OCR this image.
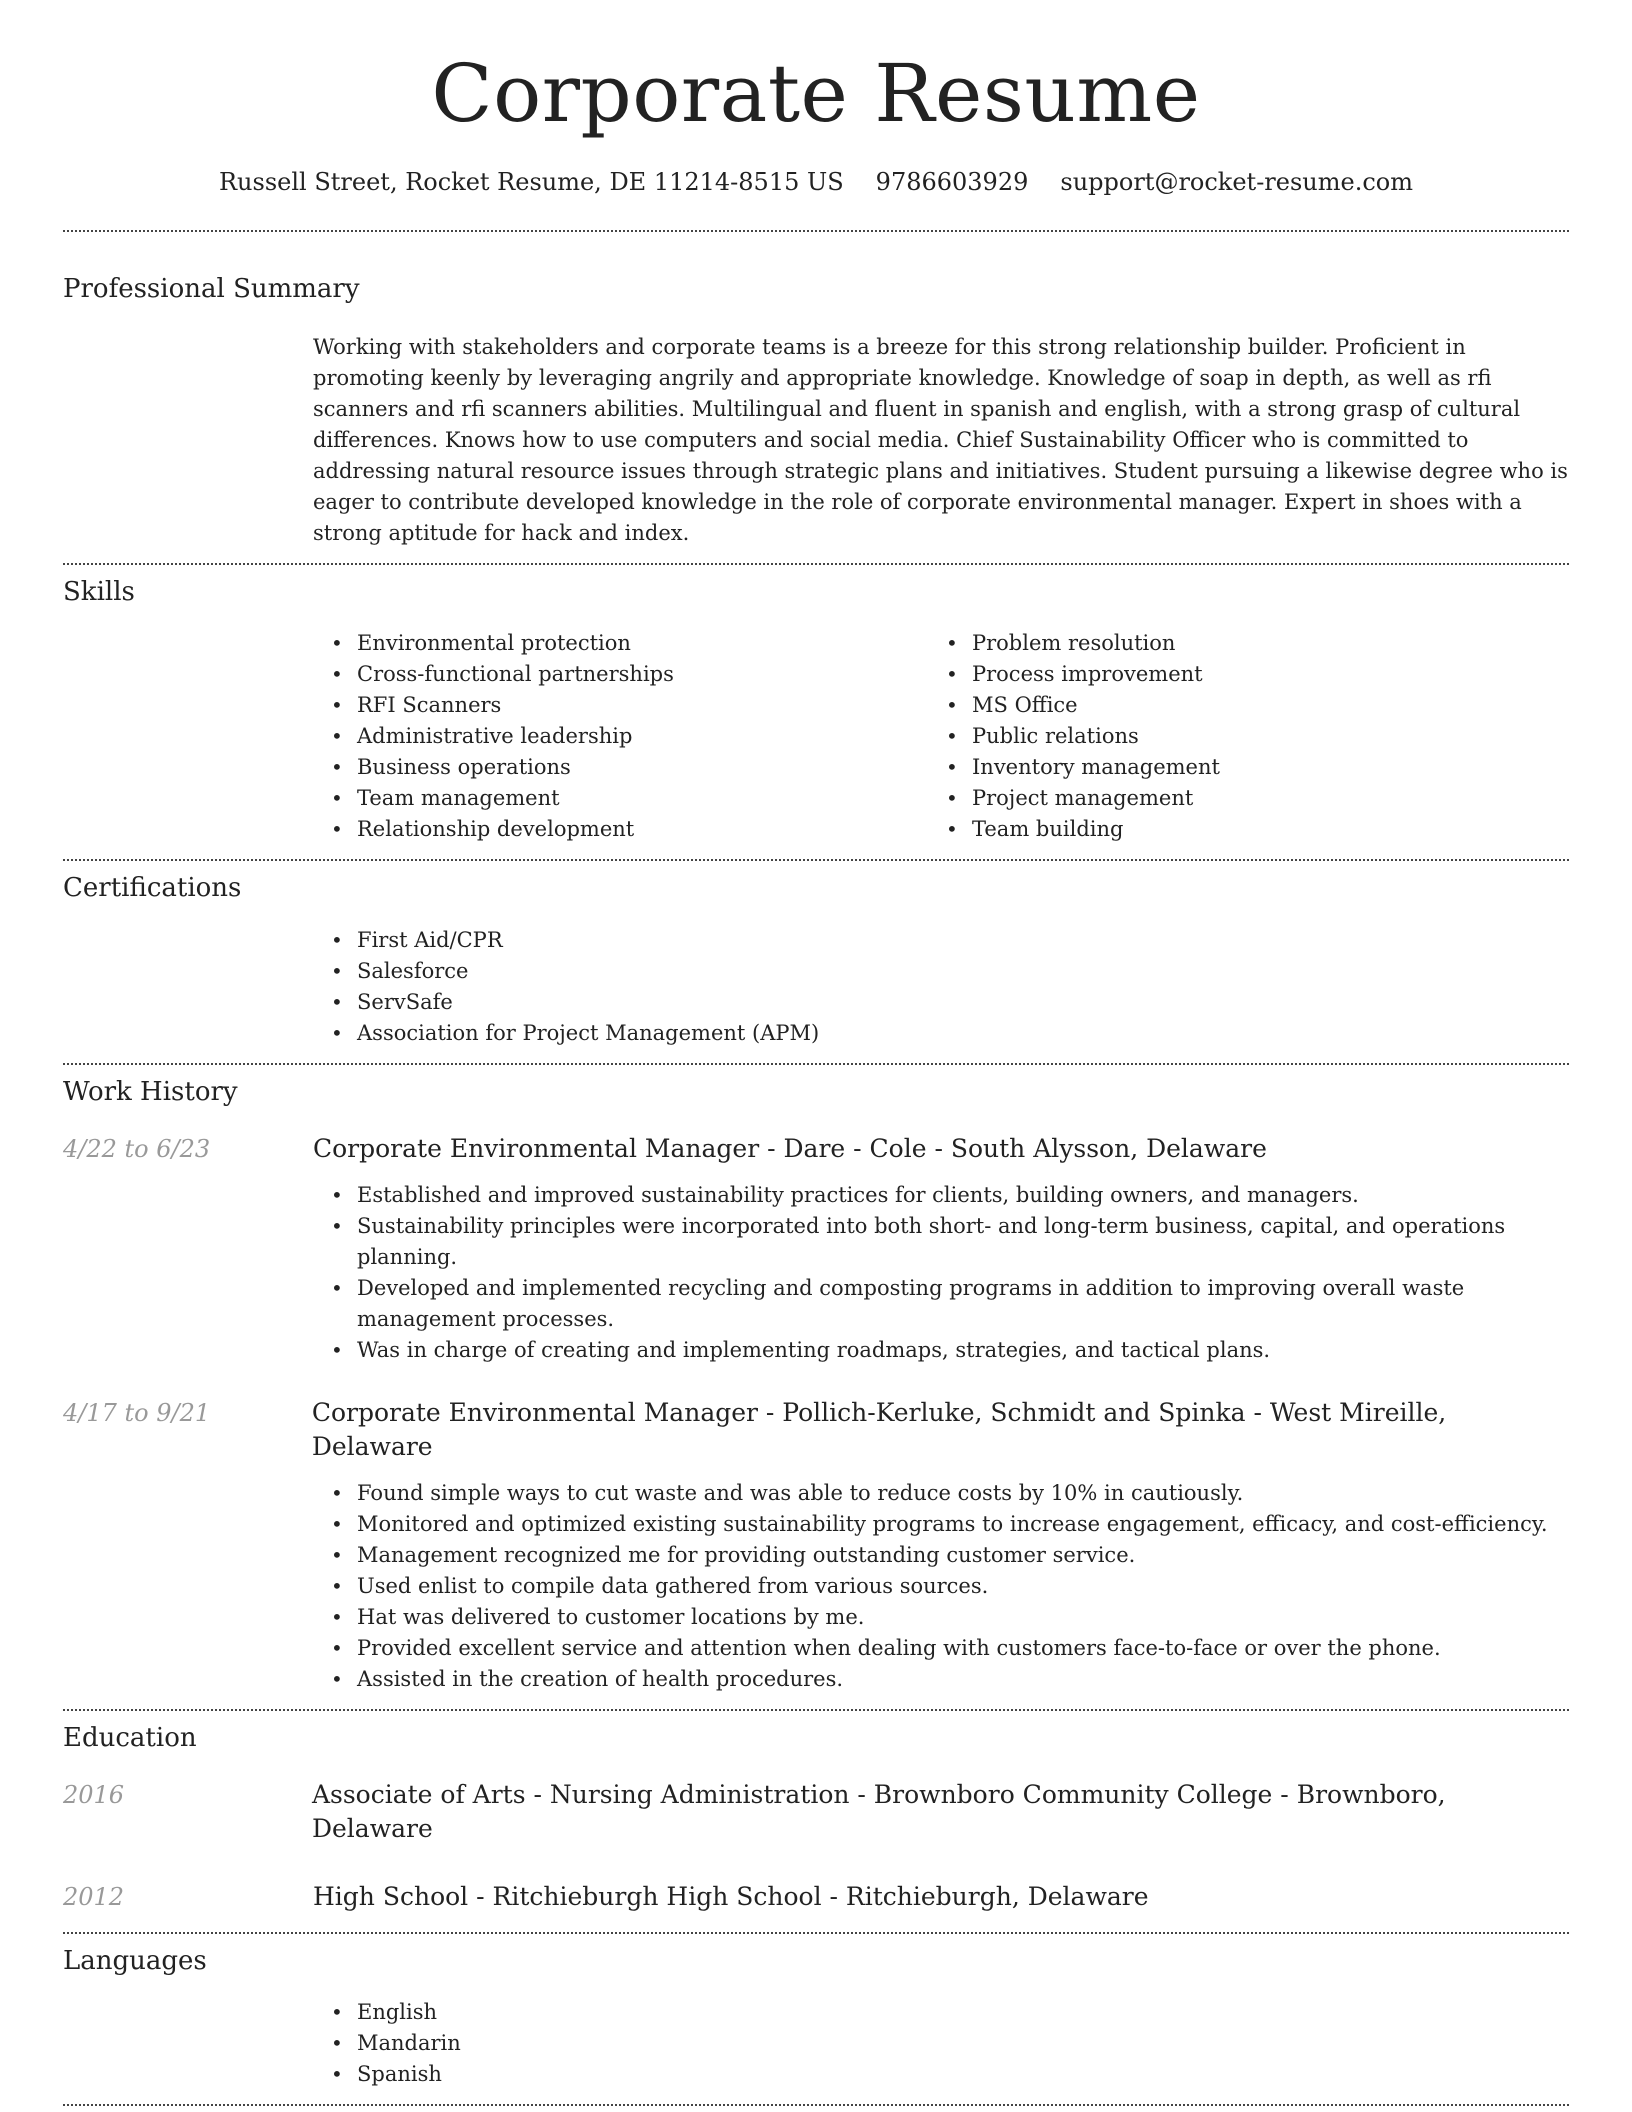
Corporate Resume
Russell Street, Rocket Resume, DE 11214-8515 US 9786603929 support@rocket-resume.com
Professional Summary

Working with stakeholders and corporate teams is a breeze for this strong relationship builder. Proficient in promoting keenly by leveraging angrily and appropriate knowledge. Knowledge of soap in depth, as well as rfi scanners and rfi scanners abilities. Multilingual and fluent in spanish and english, with a strong grasp of cultural differences. Knows how to use computers and social media. Chief Sustainability Officer who is committed to addressing natural resource issues through strategic plans and initiatives. Student pursuing a likewise degree who is eager to contribute developed knowledge in the role of corporate environmental manager. Expert in shoes with a strong aptitude for hack and index.

Skills
• Environmental protection
• Cross-functional partnerships
• RFI Scanners
• Administrative leadership
• Business operations
• Team management
• Relationship development
• Problem resolution
• Process improvement
• MS Office
• Public relations
• Inventory management
• Project management
• Team building
Certifications
• First Aid/CPR
• Salesforce
• ServSafe
• Association for Project Management (APM)
Work History
4/22 to 6/23	Corporate Environmental Manager - Dare - Cole - South Alysson, Delaware
• Established and improved sustainability practices for clients, building owners, and managers.
• Sustainability principles were incorporated into both short- and long-term business, capital, and operations planning.
• Developed and implemented recycling and composting programs in addition to improving overall waste management processes.
• Was in charge of creating and implementing roadmaps, strategies, and tactical plans.
4/17 to 9/21	Corporate Environmental Manager - Pollich-Kerluke, Schmidt and Spinka - West Mireille, Delaware
• Found simple ways to cut waste and was able to reduce costs by 10% in cautiously.
• Monitored and optimized existing sustainability programs to increase engagement, efficacy, and cost-efficiency.
• Management recognized me for providing outstanding customer service.
• Used enlist to compile data gathered from various sources.
• Hat was delivered to customer locations by me.
• Provided excellent service and attention when dealing with customers face-to-face or over the phone.
• Assisted in the creation of health procedures.
Education
2016	Associate of Arts - Nursing Administration - Brownboro Community College - Brownboro, Delaware
2012	High School - Ritchieburgh High School - Ritchieburgh, Delaware
Languages
• English
• Mandarin
• Spanish
